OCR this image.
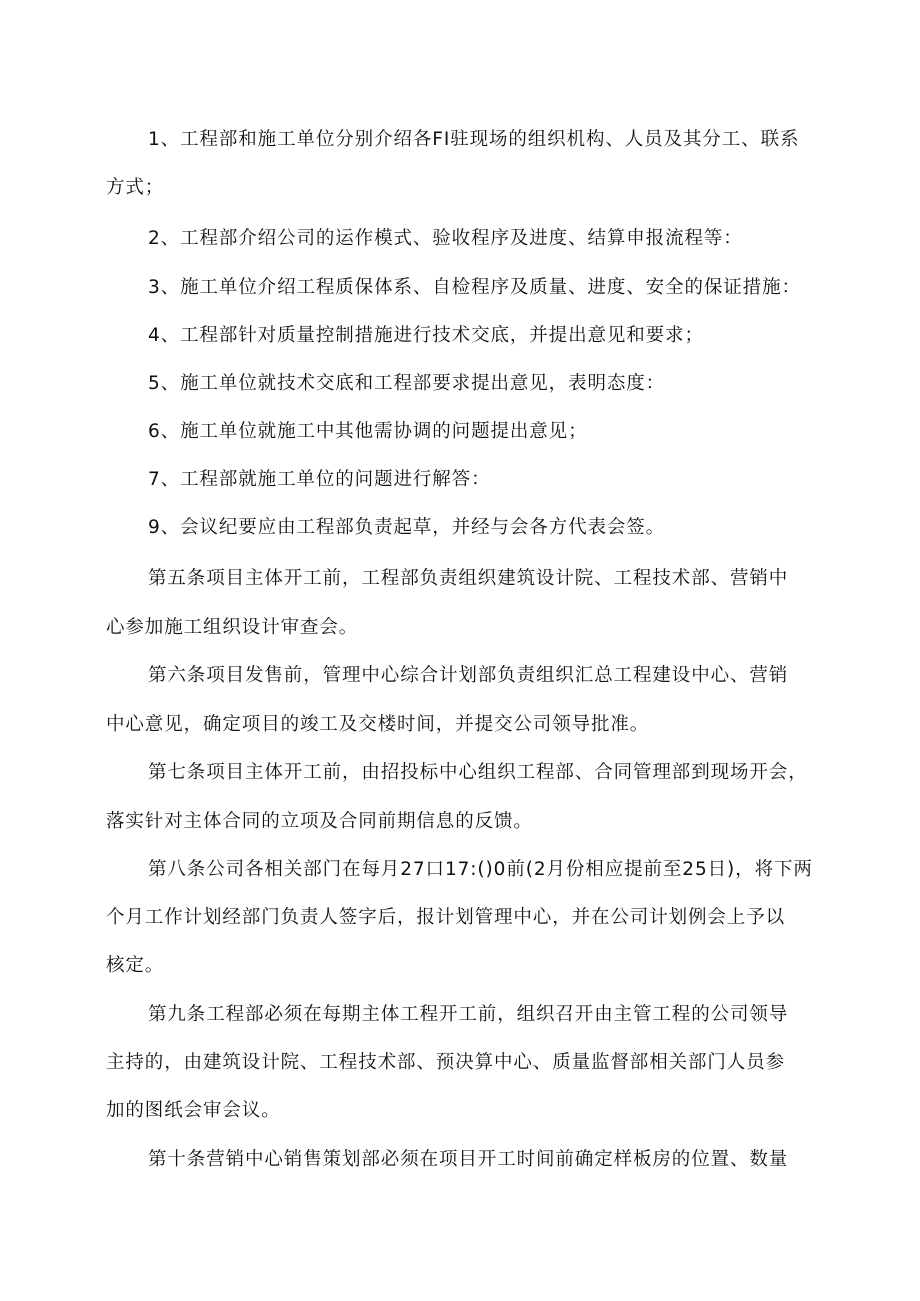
1、工程部和施工单位分别介绍各FI驻现场的组织机构、人员及其分工、联系
方式；
2、工程部介绍公司的运作模式、验收程序及进度、结算申报流程等：
3、施工单位介绍工程质保体系、自检程序及质量、进度、安全的保证措施：
4、工程部针对质量控制措施进行技术交底，并提出意见和要求；
5、施工单位就技术交底和工程部要求提出意见，表明态度：
6、施工单位就施工中其他需协调的问题提出意见；
7、工程部就施工单位的问题进行解答：
9、会议纪要应由工程部负责起草，并经与会各方代表会签。
第五条项目主体开工前，工程部负责组织建筑设计院、工程技术部、营销中
心参加施工组织设计审查会。
第六条项目发售前，管理中心综合计划部负责组织汇总工程建设中心、营销
中心意见，确定项目的竣工及交楼时间，并提交公司领导批准。
第七条项目主体开工前，由招投标中心组织工程部、合同管理部到现场开会，
落实针对主体合同的立项及合同前期信息的反馈。
第八条公司各相关部门在每月27口17:()0前(2月份相应提前至25日)，将下两
个月工作计划经部门负责人签字后，报计划管理中心，并在公司计划例会上予以
核定。
第九条工程部必须在每期主体工程开工前，组织召开由主管工程的公司领导
主持的，由建筑设计院、工程技术部、预决算中心、质量监督部相关部门人员参
加的图纸会审会议。
第十条营销中心销售策划部必须在项目开工时间前确定样板房的位置、数量
